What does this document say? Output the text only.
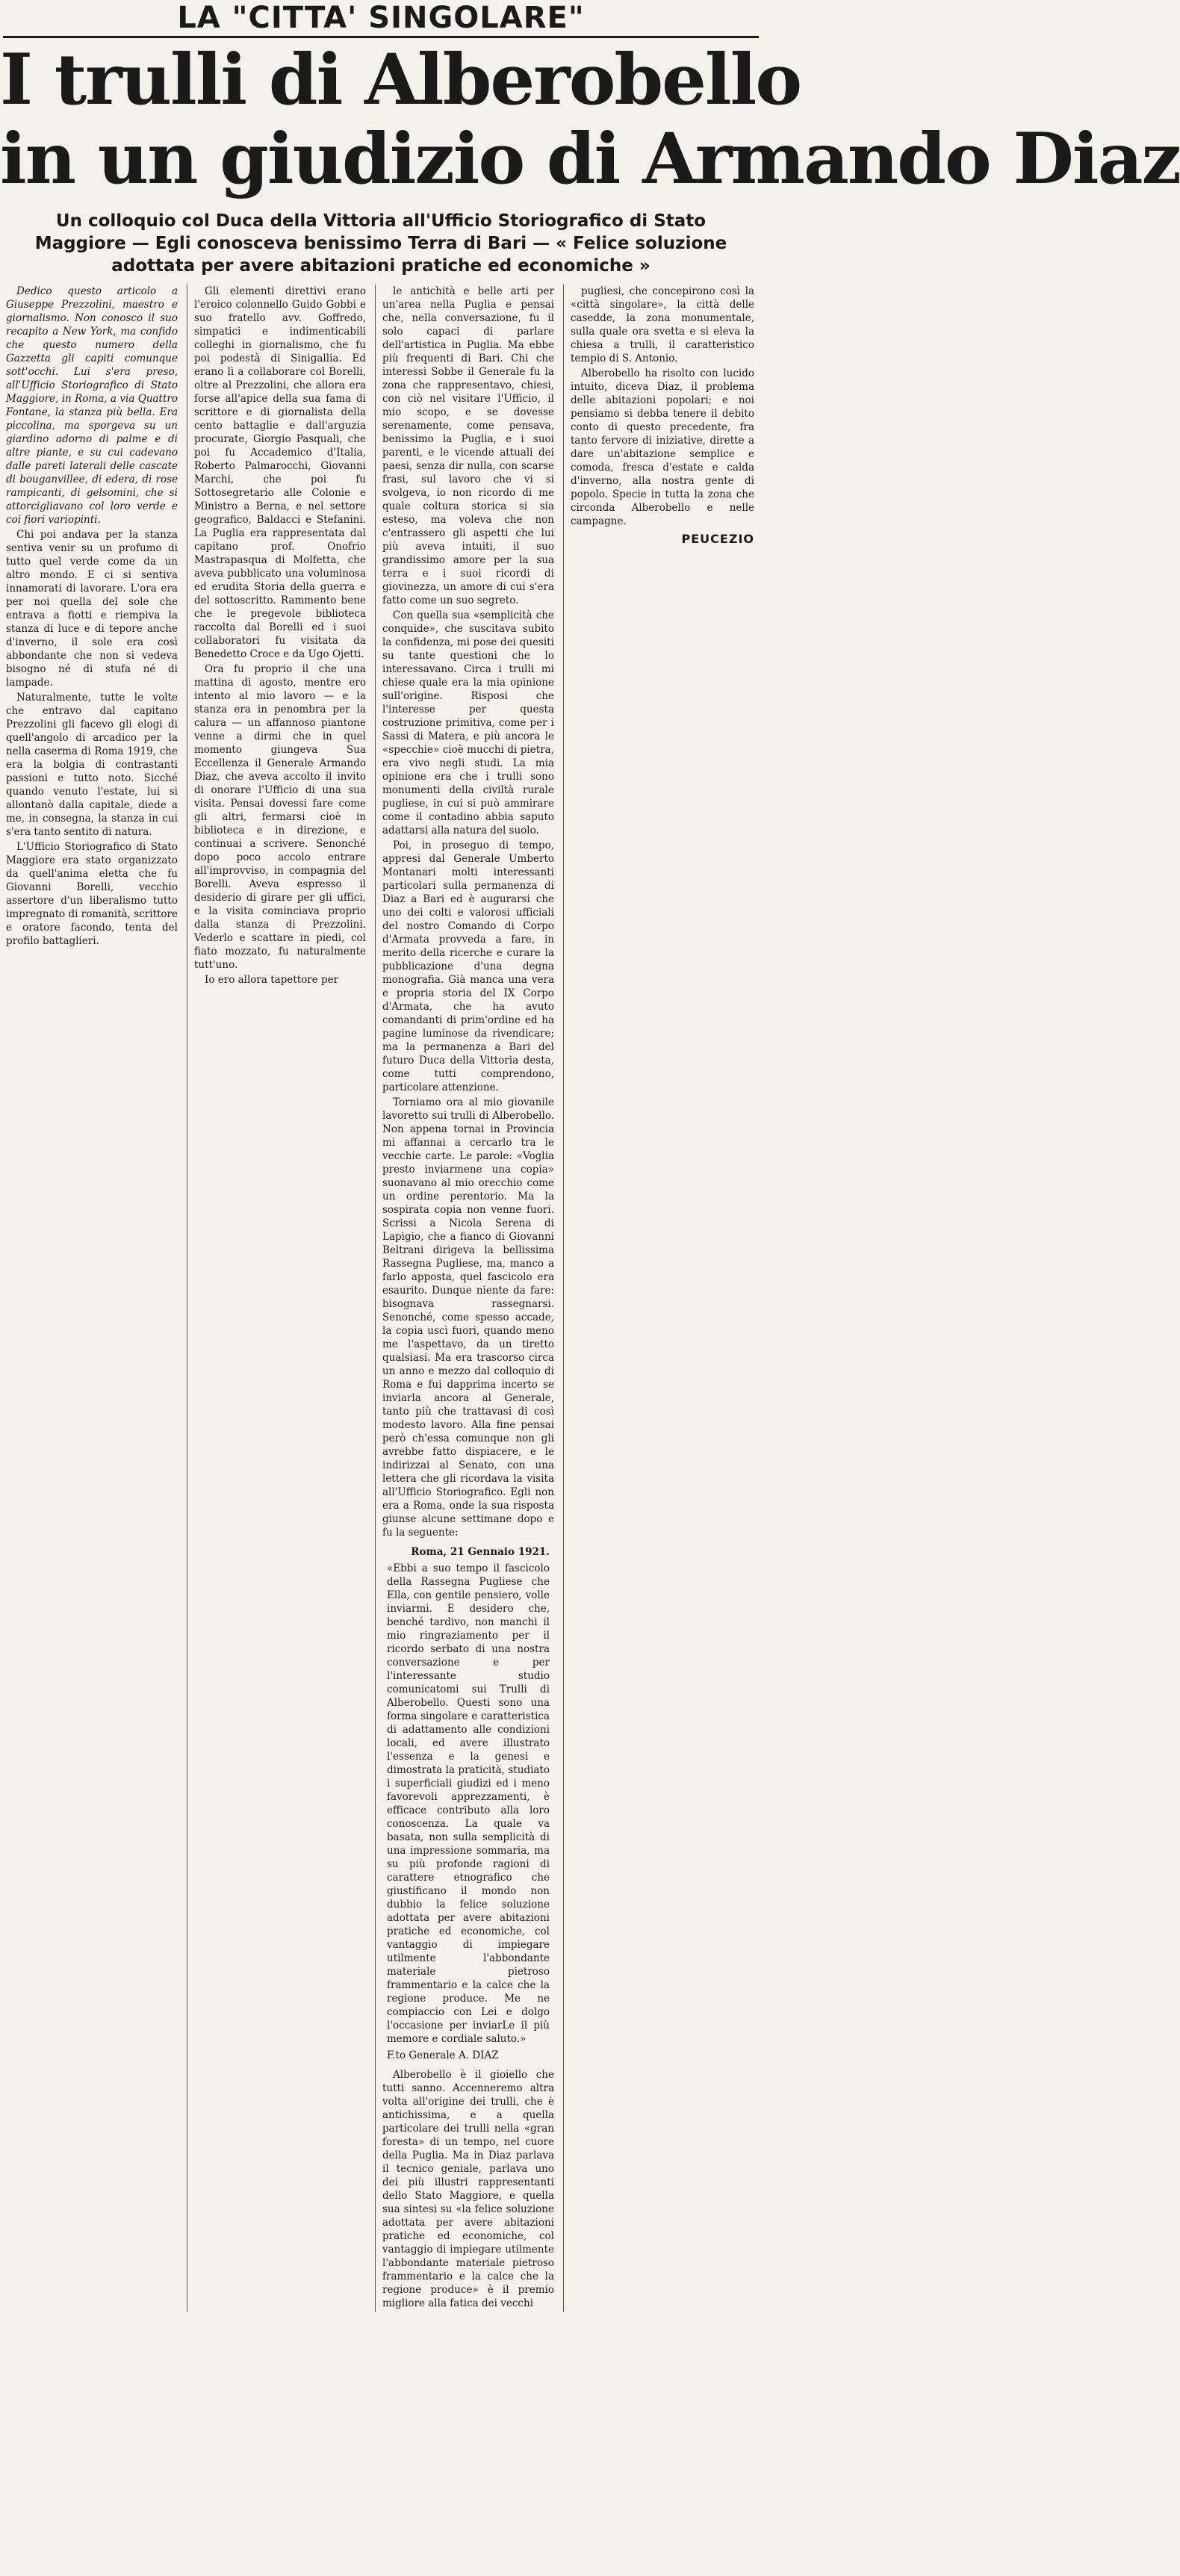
LA "CITTA' SINGOLARE"
I trulli di Alberobello
in un giudizio di Armando Diaz
Un colloquio col Duca della Vittoria all'Ufficio Storiografico di Stato Maggiore — Egli conosceva benissimo Terra di Bari — « Felice soluzione adottata per avere abitazioni pratiche ed economiche »

Dedico questo articolo a Giuseppe Prezzolini, maestro e giornalismo. Non conosco il suo recapito a New York, ma confido che questo numero della Gazzetta gli capiti comunque sott'occhi. Lui s'era preso, all'Ufficio Storiografico di Stato Maggiore, in Roma, a via Quattro Fontane, la stanza più bella. Era piccolina, ma sporgeva su un giardino adorno di palme e di altre piante, e su cui cadevano dalle pareti laterali delle cascate di bouganvillee, di edera, di rose rampicanti, di gelsomini, che si attorcigliavano col loro verde e coi fiori variopinti.

Chi poi andava per la stanza sentiva venir su un profumo di tutto quel verde come da un altro mondo. E ci si sentiva innamorati di lavorare. L'ora era per noi quella del sole che entrava a fiotti e riempiva la stanza di luce e di tepore anche d'inverno, il sole era così abbondante che non si vedeva bisogno né di stufa né di lampade.

Naturalmente, tutte le volte che entravo dal capitano Prezzolini gli facevo gli elogi di quell'angolo di arcadico per la nella caserma di Roma 1919, che era la bolgia di contrastanti passioni e tutto noto. Sicché quando venuto l'estate, lui si allontanò dalla capitale, diede a me, in consegna, la stanza in cui s'era tanto sentito di natura.

L'Ufficio Storiografico di Stato Maggiore era stato organizzato da quell'anima eletta che fu Giovanni Borelli, vecchio assertore d'un liberalismo tutto impregnato di romanità, scrittore e oratore facondo, tenta del profilo battaglieri.

Gli elementi direttivi erano l'eroico colonnello Guido Gobbi e suo fratello avv. Goffredo, simpatici e indimenticabili colleghi in giornalismo, che fu poi podestà di Sinigallia. Ed erano lì a collaborare col Borelli, oltre al Prezzolini, che allora era forse all'apice della sua fama di scrittore e di giornalista della cento battaglie e dall'arguzia procurate, Giorgio Pasquali, che poi fu Accademico d'Italia, Roberto Palmarocchi, Giovanni Marchi, che poi fu Sottosegretario alle Colonie e Ministro a Berna, e nel settore geografico, Baldacci e Stefanini. La Puglia era rappresentata dal capitano prof. Onofrio Mastrapasqua di Molfetta, che aveva pubblicato una voluminosa ed erudita Storia della guerra e del sottoscritto. Rammento bene che le pregevole biblioteca raccolta dal Borelli ed i suoi collaboratori fu visitata da Benedetto Croce e da Ugo Ojetti.

Ora fu proprio il che una mattina di agosto, mentre ero intento al mio lavoro — e la stanza era in penombra per la calura — un affannoso piantone venne a dirmi che in quel momento giungeva Sua Eccellenza il Generale Armando Diaz, che aveva accolto il invito di onorare l'Ufficio di una sua visita. Pensai dovessi fare come gli altri, fermarsi cioè in biblioteca e in direzione, e continuai a scrivere. Senonché dopo poco accolo entrare all'improvviso, in compagnia del Borelli. Aveva espresso il desiderio di girare per gli uffici, e la visita cominciava proprio dalla stanza di Prezzolini. Vederlo e scattare in piedi, col fiato mozzato, fu naturalmente tutt'uno.

Io ero allora tapettore per

le antichità e belle arti per un'area nella Puglia e pensai che, nella conversazione, fu il solo capaci di parlare dell'artistica in Puglia. Ma ebbe più frequenti di Bari. Chi che interessi Sobbe il Generale fu la zona che rappresentavo, chiesi, con ciò nel visitare l'Ufficio, il mio scopo, e se dovesse serenamente, come pensava, benissimo la Puglia, e i suoi parenti, e le vicende attuali dei paesi, senza dir nulla, con scarse frasi, sul lavoro che vi si svolgeva, io non ricordo di me quale coltura storica si sia esteso, ma voleva che non c'entrassero gli aspetti che lui più aveva intuiti, il suo grandissimo amore per la sua terra e i suoi ricordi di giovinezza, un amore di cui s'era fatto come un suo segreto.

Con quella sua «semplicità che conquide», che suscitava subito la confidenza, mi pose dei quesiti su tante questioni che lo interessavano. Circa i trulli mi chiese quale era la mia opinione sull'origine. Risposi che l'interesse per questa costruzione primitiva, come per i Sassi di Matera, e più ancora le «specchie» cioè mucchi di pietra, era vivo negli studi. La mia opinione era che i trulli sono monumenti della civiltà rurale pugliese, in cui si può ammirare come il contadino abbia saputo adattarsi alla natura del suolo.

Poi, in proseguo di tempo, appresi dal Generale Umberto Montanari molti interessanti particolari sulla permanenza di Diaz a Bari ed è augurarsi che uno dei colti e valorosi ufficiali del nostro Comando di Corpo d'Armata provveda a fare, in merito della ricerche e curare la pubblicazione d'una degna monografia. Già manca una vera e propria storia del IX Corpo d'Armata, che ha avuto comandanti di prim'ordine ed ha pagine luminose da rivendicare; ma la permanenza a Bari del futuro Duca della Vittoria desta, come tutti comprendono, particolare attenzione.

Torniamo ora al mio giovanile lavoretto sui trulli di Alberobello. Non appena tornai in Provincia mi affannai a cercarlo tra le vecchie carte. Le parole: «Voglia presto inviarmene una copia» suonavano al mio orecchio come un ordine perentorio. Ma la sospirata copia non venne fuori. Scrissi a Nicola Serena di Lapigio, che a fianco di Giovanni Beltrani dirigeva la bellissima Rassegna Pugliese, ma, manco a farlo apposta, quel fascicolo era esaurito. Dunque niente da fare: bisognava rassegnarsi. Senonché, come spesso accade, la copia uscì fuori, quando meno me l'aspettavo, da un tiretto qualsiasi. Ma era trascorso circa un anno e mezzo dal colloquio di Roma e fui dapprima incerto se inviarla ancora al Generale, tanto più che trattavasi di così modesto lavoro. Alla fine pensai però ch'essa comunque non gli avrebbe fatto dispiacere, e le indirizzai al Senato, con una lettera che gli ricordava la visita all'Ufficio Storiografico. Egli non era a Roma, onde la sua risposta giunse alcune settimane dopo e fu la seguente:

Roma, 21 Gennaio 1921.

«Ebbi a suo tempo il fascicolo della Rassegna Pugliese che Ella, con gentile pensiero, volle inviarmi. E desidero che, benché tardivo, non manchi il mio ringraziamento per il ricordo serbato di una nostra conversazione e per l'interessante studio comunicatomi sui Trulli di Alberobello. Questi sono una forma singolare e caratteristica di adattamento alle condizioni locali, ed avere illustrato l'essenza e la genesi e dimostrata la praticità, studiato i superficiali giudizi ed i meno favorevoli apprezzamenti, è efficace contributo alla loro conoscenza. La quale va basata, non sulla semplicità di una impressione sommaria, ma su più profonde ragioni di carattere etnografico che giustificano il mondo non dubbio la felice soluzione adottata per avere abitazioni pratiche ed economiche, col vantaggio di impiegare utilmente l'abbondante materiale pietroso frammentario e la calce che la regione produce. Me ne compiaccio con Lei e dolgo l'occasione per inviarLe il più memore e cordiale saluto.»

F.to Generale A. DIAZ

Alberobello è il gioiello che tutti sanno. Accenneremo altra volta all'origine dei trulli, che è antichissima, e a quella particolare dei trulli nella «gran foresta» di un tempo, nel cuore della Puglia. Ma in Diaz parlava il tecnico geniale, parlava uno dei più illustri rappresentanti dello Stato Maggiore, e quella sua sintesi su «la felice soluzione adottata per avere abitazioni pratiche ed economiche, col vantaggio di impiegare utilmente l'abbondante materiale pietroso frammentario e la calce che la regione produce» è il premio migliore alla fatica dei vecchi

pugliesi, che concepirono così la «città singolare», la città delle casedde, la zona monumentale, sulla quale ora svetta e si eleva la chiesa a trulli, il caratteristico tempio di S. Antonio.

Alberobello ha risolto con lucido intuito, diceva Diaz, il problema delle abitazioni popolari; e noi pensiamo si debba tenere il debito conto di questo precedente, fra tanto fervore di iniziative, dirette a dare un'abitazione semplice e comoda, fresca d'estate e calda d'inverno, alla nostra gente di popolo. Specie in tutta la zona che circonda Alberobello e nelle campagne.

PEUCEZIO
